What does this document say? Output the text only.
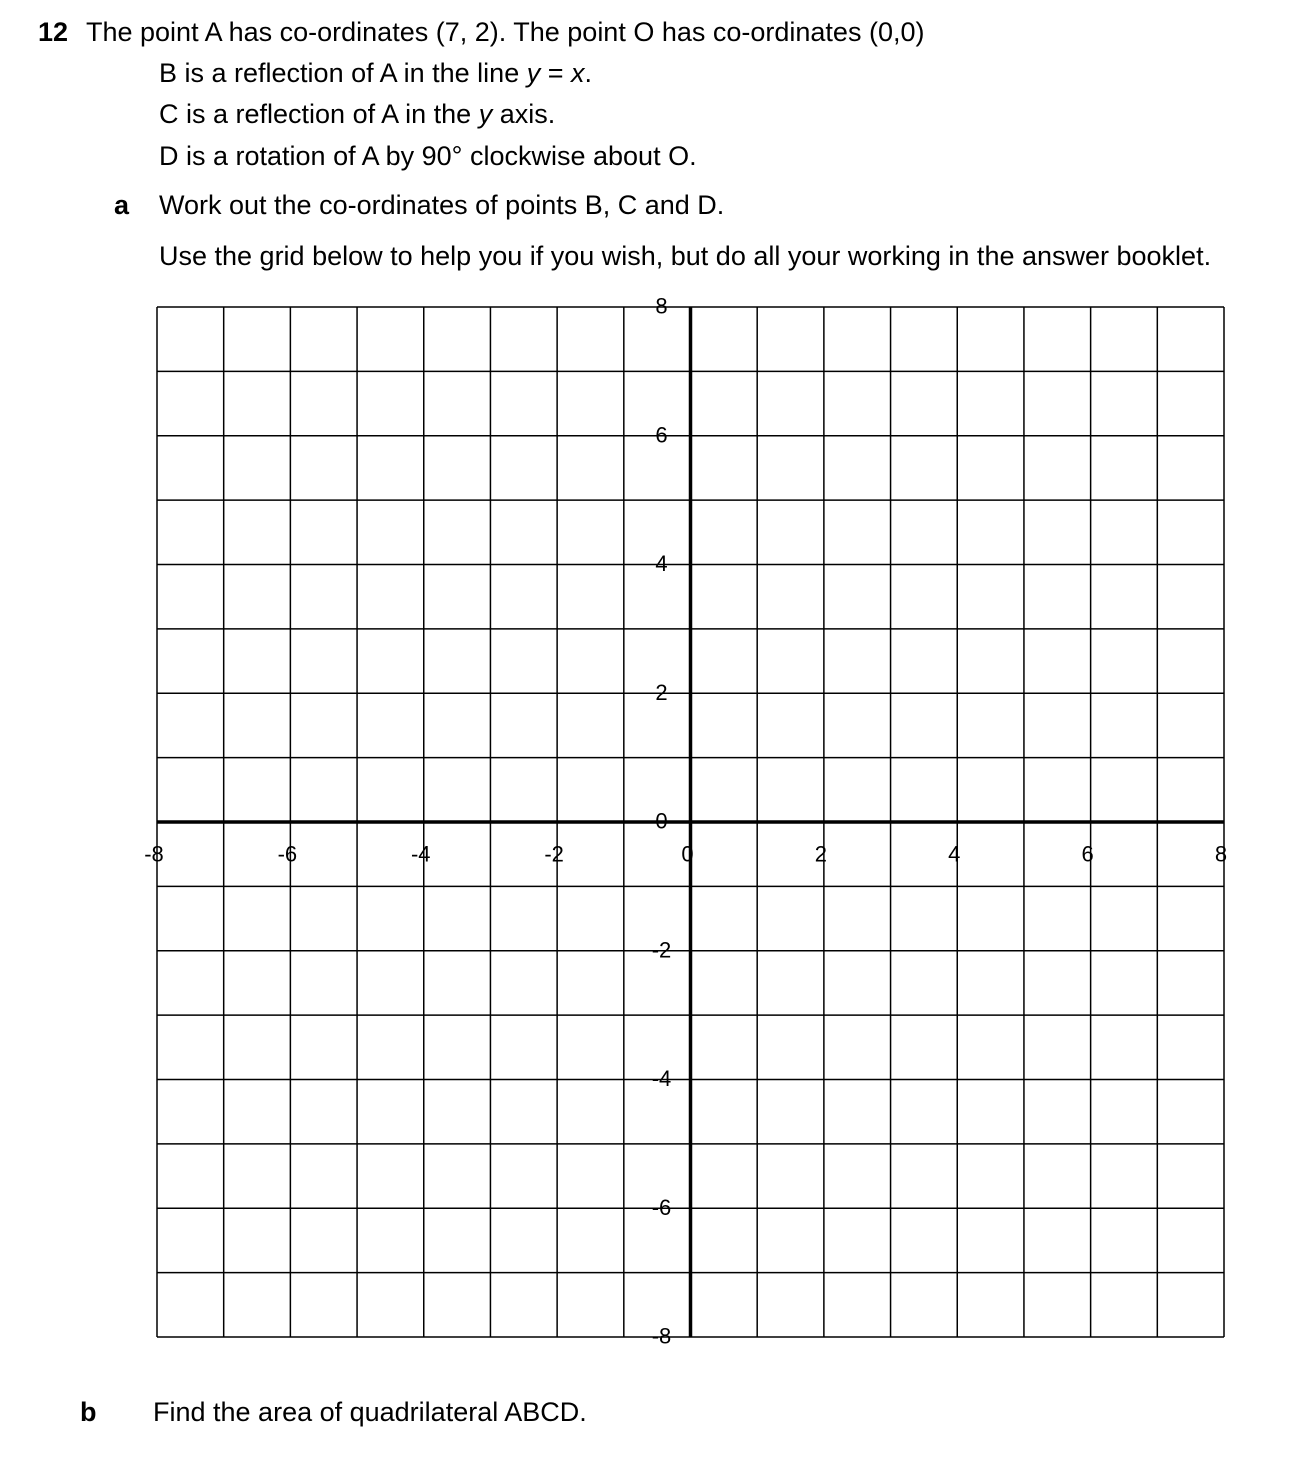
12 The point A has co-ordinates (7, 2). The point O has co-ordinates (0,0)
B is a reflection of A in the line y = x.
C is a reflection of A in the y axis.
D is a rotation of A by 90° clockwise about O.
a Work out the co-ordinates of points B, C and D.
Use the grid below to help you if you wish, but do all your working in the answer booklet.
-8	-6	-4	-2	0	2	4	6	8
8
6
4
2
0
-2
-4
-6
-8
b Find the area of quadrilateral ABCD.
